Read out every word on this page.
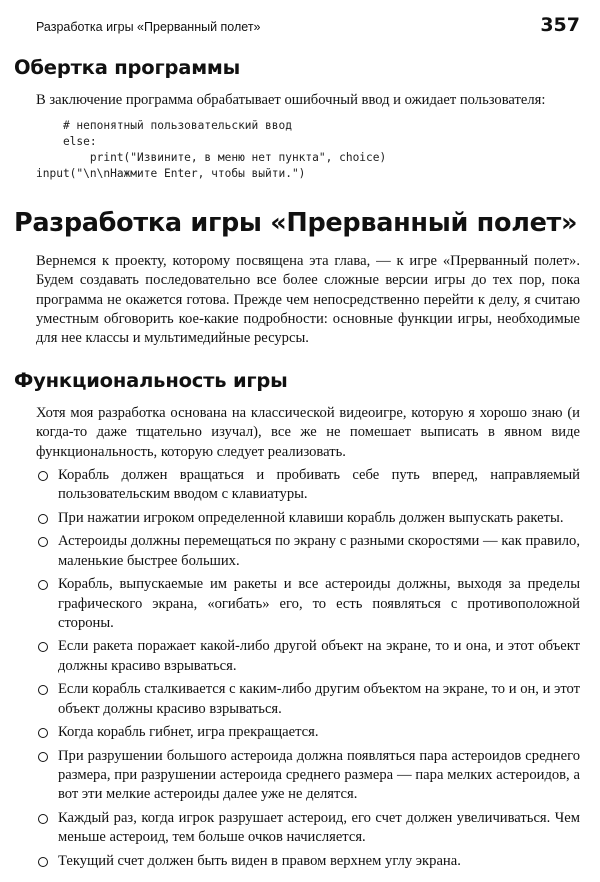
Разработка игры «Прерванный полет»	357
Обертка программы

В заключение программа обрабатывает ошибочный ввод и ожидает пользователя:

# непонятный пользовательский ввод
else:
print("Извините, в меню нет пункта", choice)
input("\n\nНажмите Enter, чтобы выйти.")
Разработка игры «Прерванный полет»

Вернемся к проекту, которому посвящена эта глава, — к игре «Прерванный полет». Будем создавать последовательно все более сложные версии игры до тех пор, пока программа не окажется готова. Прежде чем непосредственно перейти к делу, я считаю уместным обговорить кое-какие подробности: основные функции игры, необходимые для нее классы и мультимедийные ресурсы.

Функциональность игры

Хотя моя разработка основана на классической видеоигре, которую я хорошо знаю (и когда-то даже тщательно изучал), все же не помешает выписать в явном виде функциональность, которую следует реализовать.

Корабль должен вращаться и пробивать себе путь вперед, направляемый пользовательским вводом с клавиатуры.
При нажатии игроком определенной клавиши корабль должен выпускать ракеты.
Астероиды должны перемещаться по экрану с разными скоростями — как правило, маленькие быстрее больших.
Корабль, выпускаемые им ракеты и все астероиды должны, выходя за пределы графического экрана, «огибать» его, то есть появляться с противоположной стороны.
Если ракета поражает какой-либо другой объект на экране, то и она, и этот объект должны красиво взрываться.
Если корабль сталкивается с каким-либо другим объектом на экране, то и он, и этот объект должны красиво взрываться.
Когда корабль гибнет, игра прекращается.
При разрушении большого астероида должна появляться пара астероидов среднего размера, при разрушении астероида среднего размера — пара мелких астероидов, а вот эти мелкие астероиды далее уже не делятся.
Каждый раз, когда игрок разрушает астероид, его счет должен увеличиваться. Чем меньше астероид, тем больше очков начисляется.
Текущий счет должен быть виден в правом верхнем углу экрана.
